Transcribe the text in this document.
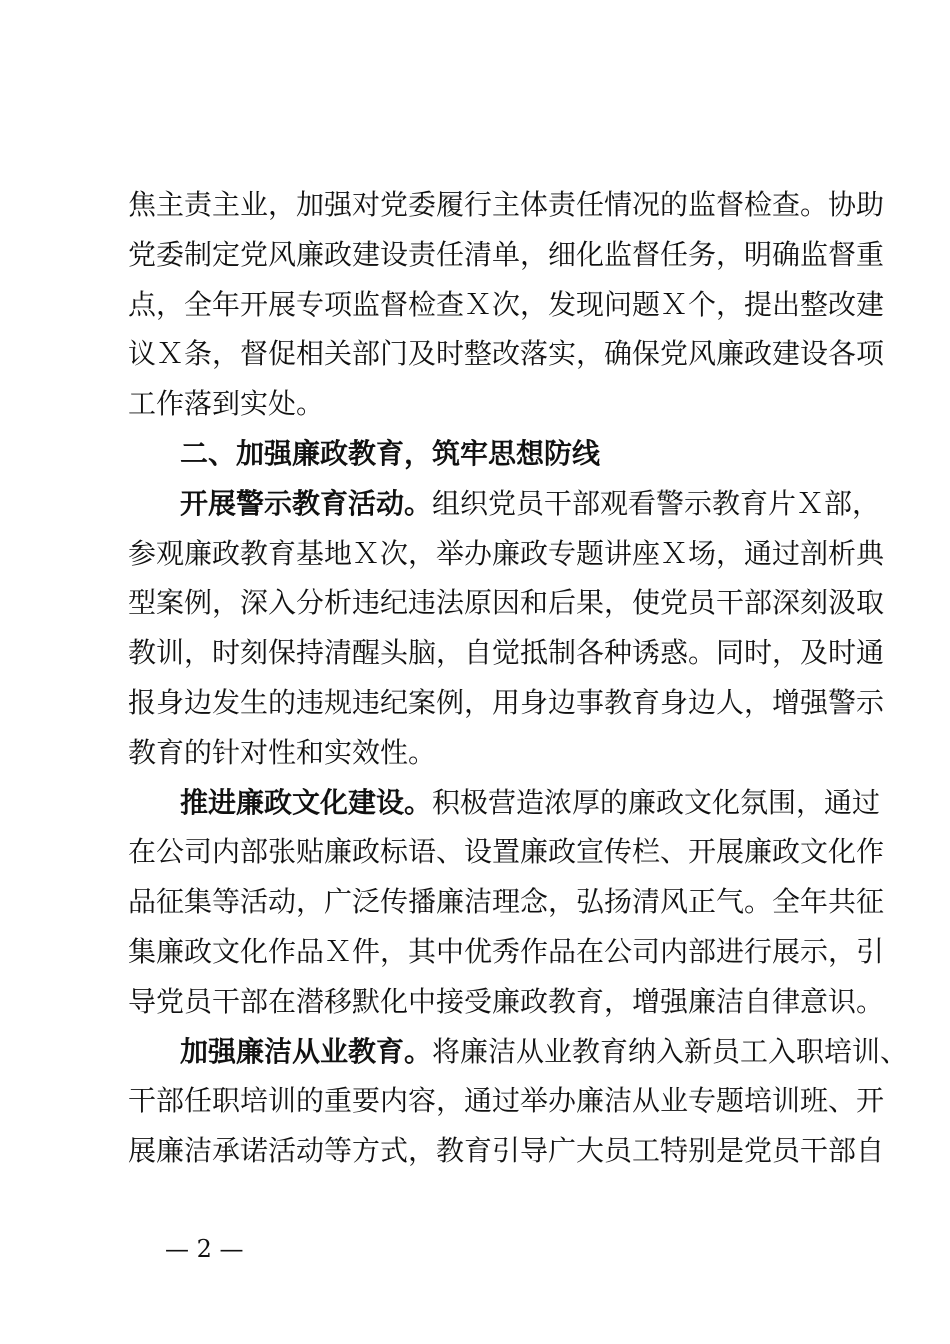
焦主责主业，加强对党委履行主体责任情况的监督检查。协助
党委制定党风廉政建设责任清单，细化监督任务，明确监督重
点，全年开展专项监督检查Ｘ次，发现问题Ｘ个，提出整改建
议Ｘ条，督促相关部门及时整改落实，确保党风廉政建设各项
工作落到实处。
二、加强廉政教育，筑牢思想防线
开展警示教育活动。组织党员干部观看警示教育片Ｘ部，
参观廉政教育基地Ｘ次，举办廉政专题讲座Ｘ场，通过剖析典
型案例，深入分析违纪违法原因和后果，使党员干部深刻汲取
教训，时刻保持清醒头脑，自觉抵制各种诱惑。同时，及时通
报身边发生的违规违纪案例，用身边事教育身边人，增强警示
教育的针对性和实效性。
推进廉政文化建设。积极营造浓厚的廉政文化氛围，通过
在公司内部张贴廉政标语、设置廉政宣传栏、开展廉政文化作
品征集等活动，广泛传播廉洁理念，弘扬清风正气。全年共征
集廉政文化作品Ｘ件，其中优秀作品在公司内部进行展示，引
导党员干部在潜移默化中接受廉政教育，增强廉洁自律意识。
加强廉洁从业教育。将廉洁从业教育纳入新员工入职培训、
干部任职培训的重要内容，通过举办廉洁从业专题培训班、开
展廉洁承诺活动等方式，教育引导广大员工特别是党员干部自
— 2 —
